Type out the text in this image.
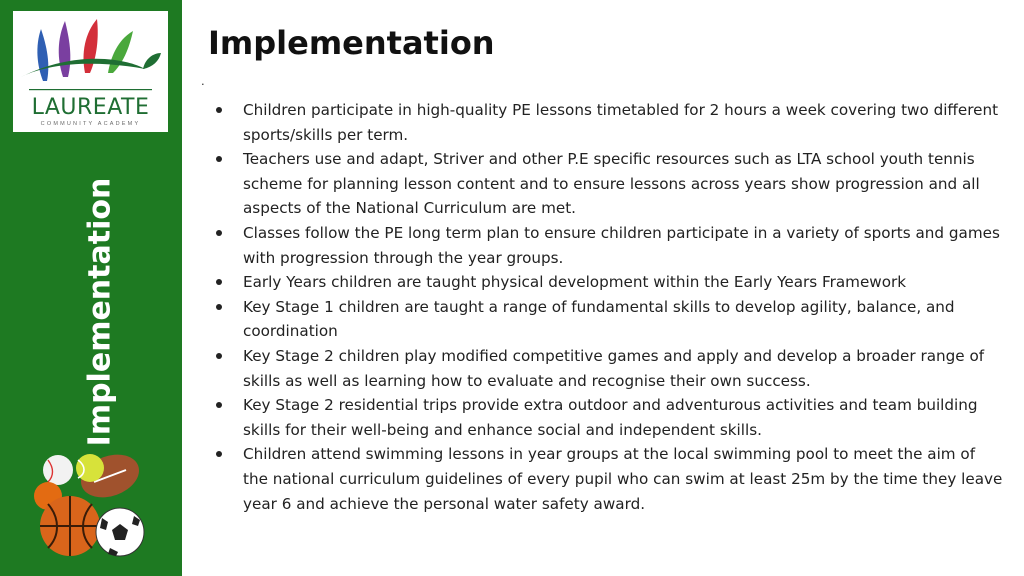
LAUREATE
COMMUNITY ACADEMY
Implementation
Implementation
.
Children participate in high-quality PE lessons timetabled for 2 hours a week covering two different sports/skills per term.
Teachers use and adapt, Striver and other P.E specific resources such as LTA school youth tennis scheme for planning lesson content and to ensure lessons across years show progression and all aspects of the National Curriculum are met.
Classes follow the PE long term plan to ensure children participate in a variety of sports and games with progression through the year groups.
Early Years children are taught physical development within the Early Years Framework
Key Stage 1 children are taught a range of fundamental skills to develop agility, balance, and coordination
Key Stage 2 children play modified competitive games and apply and develop a broader range of skills as well as learning how to evaluate and recognise their own success.
Key Stage 2 residential trips provide extra outdoor and adventurous activities and team building skills for their well-being and enhance social and independent skills.
Children attend swimming lessons in year groups at the local swimming pool to meet the aim of the national curriculum guidelines of every pupil who can swim at least 25m by the time they leave year 6 and achieve the personal water safety award.
